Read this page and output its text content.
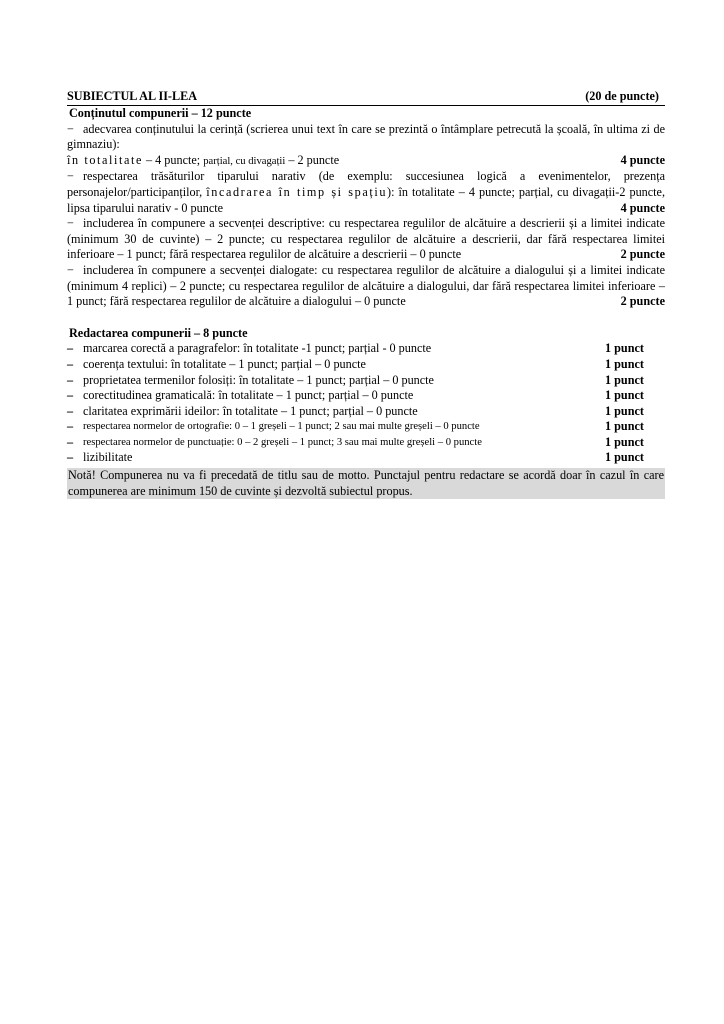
SUBIECTUL AL II-LEA	(20 de puncte)
Conținutul compunerii – 12 puncte
− adecvarea conținutului la cerință (scrierea unui text în care se prezintă o întâmplare petrecută la școală, în ultima zi de gimnaziu):
în totalitate – 4 puncte; parțial, cu divagații – 2 puncte	4 puncte
− respectarea trăsăturilor tiparului narativ (de exemplu: succesiunea logică a evenimentelor, prezența personajelor/participanților, încadrarea în timp și spațiu): în totalitate – 4 puncte; parțial, cu divagații-2 puncte, lipsa tiparului narativ - 0 puncte	4 puncte
− includerea în compunere a secvenței descriptive: cu respectarea regulilor de alcătuire a descrierii și a limitei indicate (minimum 30 de cuvinte) – 2 puncte; cu respectarea regulilor de alcătuire a descrierii, dar fără respectarea limitei inferioare – 1 punct; fără respectarea regulilor de alcătuire a descrierii – 0 puncte	2 puncte
− includerea în compunere a secvenței dialogate: cu respectarea regulilor de alcătuire a dialogului și a limitei indicate (minimum 4 replici) – 2 puncte; cu respectarea regulilor de alcătuire a dialogului, dar fără respectarea limitei inferioare – 1 punct; fără respectarea regulilor de alcătuire a dialogului – 0 puncte	2 puncte
Redactarea compunerii – 8 puncte
– marcarea corectă a paragrafelor: în totalitate -1 punct; parțial - 0 puncte	1 punct
– coerența textului: în totalitate – 1 punct; parțial – 0 puncte	1 punct
– proprietatea termenilor folosiți: în totalitate – 1 punct; parțial – 0 puncte	1 punct
– corectitudinea gramaticală: în totalitate – 1 punct; parțial – 0 puncte	1 punct
– claritatea exprimării ideilor: în totalitate – 1 punct; parțial – 0 puncte	1 punct
– respectarea normelor de ortografie: 0 – 1 greșeli – 1 punct; 2 sau mai multe greșeli – 0 puncte	1 punct
– respectarea normelor de punctuație: 0 – 2 greșeli – 1 punct; 3 sau mai multe greșeli – 0 puncte	1 punct
– lizibilitate	1 punct
Notă! Compunerea nu va fi precedată de titlu sau de motto. Punctajul pentru redactare se acordă doar în cazul în care compunerea are minimum 150 de cuvinte și dezvoltă subiectul propus.
